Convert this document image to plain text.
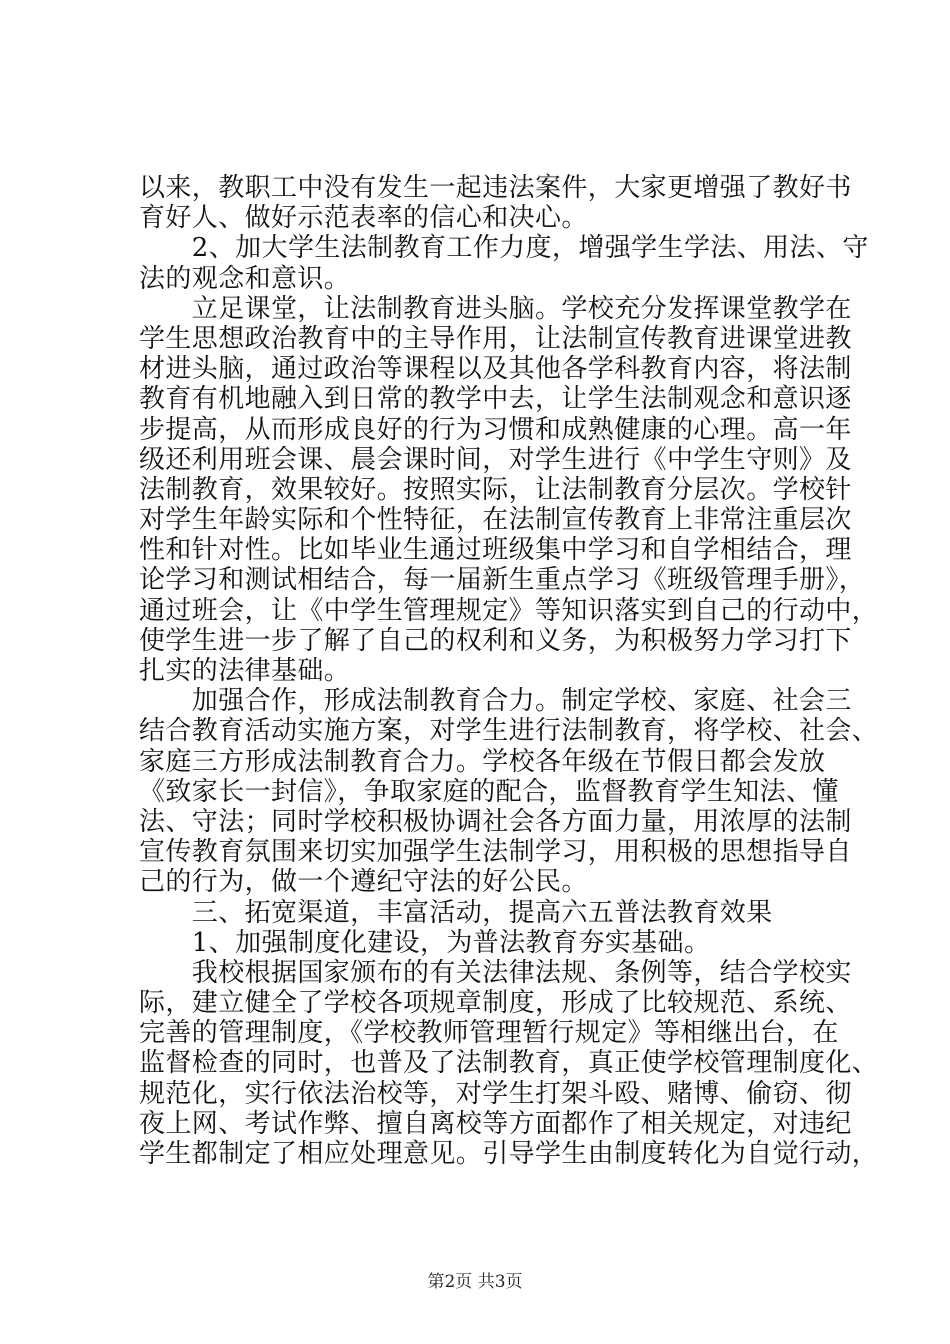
以来，教职工中没有发生一起违法案件，大家更增强了教好书
育好人、做好示范表率的信心和决心。
　　2、加大学生法制教育工作力度，增强学生学法、用法、守
法的观念和意识。
　　立足课堂，让法制教育进头脑。学校充分发挥课堂教学在
学生思想政治教育中的主导作用，让法制宣传教育进课堂进教
材进头脑，通过政治等课程以及其他各学科教育内容，将法制
教育有机地融入到日常的教学中去，让学生法制观念和意识逐
步提高，从而形成良好的行为习惯和成熟健康的心理。高一年
级还利用班会课、晨会课时间，对学生进行《中学生守则》及
法制教育，效果较好。按照实际，让法制教育分层次。学校针
对学生年龄实际和个性特征，在法制宣传教育上非常注重层次
性和针对性。比如毕业生通过班级集中学习和自学相结合，理
论学习和测试相结合，每一届新生重点学习《班级管理手册》，
通过班会，让《中学生管理规定》等知识落实到自己的行动中，
使学生进一步了解了自己的权利和义务，为积极努力学习打下
扎实的法律基础。
　　加强合作，形成法制教育合力。制定学校、家庭、社会三
结合教育活动实施方案，对学生进行法制教育，将学校、社会、
家庭三方形成法制教育合力。学校各年级在节假日都会发放
《致家长一封信》，争取家庭的配合，监督教育学生知法、懂
法、守法；同时学校积极协调社会各方面力量，用浓厚的法制
宣传教育氛围来切实加强学生法制学习，用积极的思想指导自
己的行为，做一个遵纪守法的好公民。
　　三、拓宽渠道，丰富活动，提高六五普法教育效果
　　1、加强制度化建设，为普法教育夯实基础。
　　我校根据国家颁布的有关法律法规、条例等，结合学校实
际，建立健全了学校各项规章制度，形成了比较规范、系统、
完善的管理制度，《学校教师管理暂行规定》等相继出台，在
监督检查的同时，也普及了法制教育，真正使学校管理制度化、
规范化，实行依法治校等，对学生打架斗殴、赌博、偷窃、彻
夜上网、考试作弊、擅自离校等方面都作了相关规定，对违纪
学生都制定了相应处理意见。引导学生由制度转化为自觉行动，
第2页 共3页
